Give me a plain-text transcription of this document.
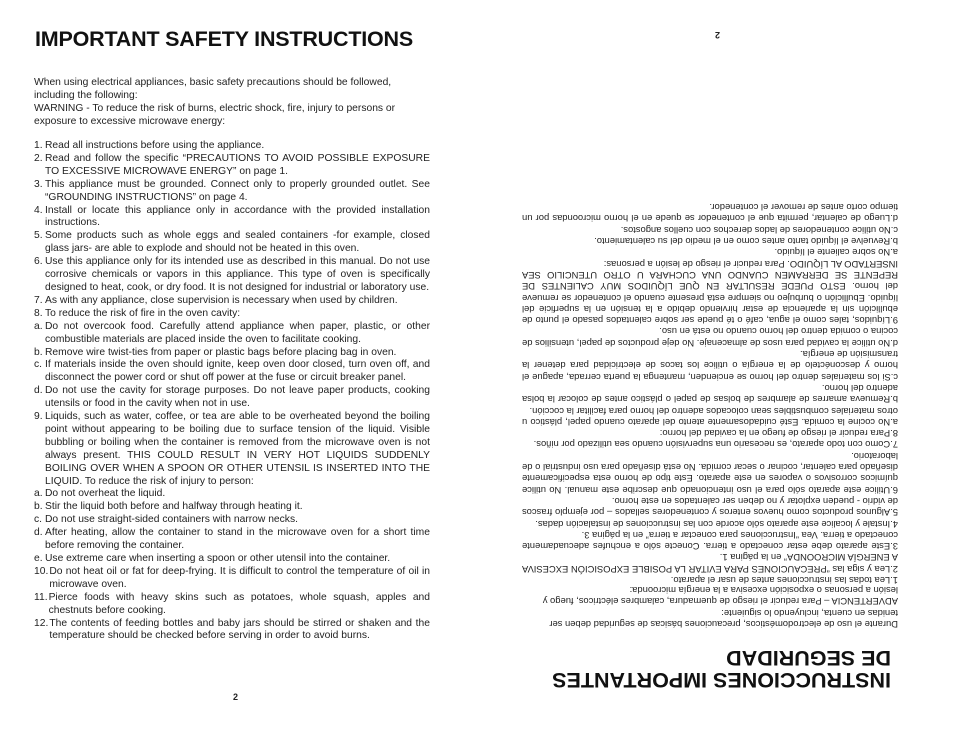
IMPORTANT SAFETY INSTRUCTIONS

When using electrical appliances, basic safety precautions should be followed, including the following:

WARNING - To reduce the risk of burns, electric shock, fire, injury to persons or exposure to excessive microwave energy:

1. Read all instructions before using the appliance.
2. Read and follow the specific “PRECAUTIONS TO AVOID POSSIBLE EXPOSURE TO EXCESSIVE MICROWAVE ENERGY” on page 1.
3. This appliance must be grounded. Connect only to properly grounded outlet. See “GROUNDING INSTRUCTIONS” on page 4.
4. Install or locate this appliance only in accordance with the provided installation instructions.
5. Some products such as whole eggs and sealed containers -for example, closed glass jars- are able to explode and should not be heated in this oven.
6. Use this appliance only for its intended use as described in this manual. Do not use corrosive chemicals or vapors in this appliance. This type of oven is specifically designed to heat, cook, or dry food. It is not designed for industrial or laboratory use.
7. As with any appliance, close supervision is necessary when used by children.
8. To reduce the risk of fire in the oven cavity:
a. Do not overcook food. Carefully attend appliance when paper, plastic, or other combustible materials are placed inside the oven to facilitate cooking.
b. Remove wire twist-ties from paper or plastic bags before placing bag in oven.
c. If materials inside the oven should ignite, keep oven door closed, turn oven off, and disconnect the power cord or shut off power at the fuse or circuit breaker panel.
d. Do not use the cavity for storage purposes. Do not leave paper products, cooking utensils or food in the cavity when not in use.
9. Liquids, such as water, coffee, or tea are able to be overheated beyond the boiling point without appearing to be boiling due to surface tension of the liquid. Visible bubbling or boiling when the container is removed from the microwave oven is not always present. THIS COULD RESULT IN VERY HOT LIQUIDS SUDDENLY BOILING OVER WHEN A SPOON OR OTHER UTENSIL IS INSERTED INTO THE LIQUID. To reduce the risk of injury to person:
a. Do not overheat the liquid.
b. Stir the liquid both before and halfway through heating it.
c. Do not use straight-sided containers with narrow necks.
d. After heating, allow the container to stand in the microwave oven for a short time before removing the container.
e. Use extreme care when inserting a spoon or other utensil into the container.
10. Do not heat oil or fat for deep-frying. It is difficult to control the temperature of oil in microwave oven.
11. Pierce foods with heavy skins such as potatoes, whole squash, apples and chestnuts before cooking.
12. The contents of feeding bottles and baby jars should be stirred or shaken and the temperature should be checked before serving in order to avoid burns.

2

INSTRUCCIONES IMPORTANTES
DE SEGURIDAD

Durante el uso de electrodomésticos, precauciones básicas de seguridad deben ser tenidas en cuenta, incluyendo lo siguiente:

ADVERTENCIA – Para reducir el riesgo de quemadura, calambres eléctricos, fuego y lesión a personas o exposición excesiva a la energía microonda:

1.Lea todas las instrucciones antes de usar el aparato.
2.Lea y siga las “PRECAUCIONES PARA EVITAR LA POSIBLE EXPOSICIÓN EXCESIVA A ENERGÍA MICROONDA” en la página 1.
3.Este aparato debe estar conectado a tierra. Conecte sólo a enchufes adecuadamente conectado a tierra. Vea “Instrucciones para conectar a tierra” en la página 3.
4.Instale y localice este aparato sólo acorde con las instrucciones de instalación dadas.
5.Algunos productos como huevos enteros y contenedores sellados – por ejemplo frascos de vidrio - pueden explotar y no deben ser calentados en este horno.
6.Utilice este aparato sólo para el uso intencionado que describe este manual. No utilice químicos corrosivos o vapores en este aparato. Este tipo de horno esta especificamente diseñado para calentar, cocinar o secar comida. No está diseñado para uso industrial o de laboratorio.
7.Como con todo aparato, es necesario una supervisión cuando sea utilizado por niños.
8.Para reducir el riesgo de fuego en la cavidad del horno:
a.No cocine la comida. Esté cuidadosamente atento del aparato cuando papel, plástico u otros materiales combustibles sean colocados adentro del horno para facilitar la cocción.
b.Remueva amarres de alambres de bolsas de papel o plástico antes de colocar la bolsa adentro del horno.
c.Si los materiales dentro del horno se encienden, mantenga la puerta cerrada, apague el horno y desconéctelo de la energía o utilice los tacos de electricidad para detener la transmisión de energía.
d.No utilice la cavidad para usos de almacenaje. No deje productos de papel, utensilios de cocina o comida dentro del horno cuando no está en uso.
9.Líquidos, tales como el agua, café o té puede ser sobre calentados pasado el punto de ebullición sin la apariencia de estar hirviendo debido a la tensión en la superficie del líquido. Ebullición o burbujeo no siempre está presente cuando el contenedor se remueve del horno. ESTO PUEDE RESULTAR EN QUE LÍQUIDOS MUY CALIENTES DE REPENTE SE DERRAMEN CUANDO UNA CUCHARA U OTRO UTENCILIO SEA INSERTADO AL LÍQUIDO. Para reducir el riesgo de lesión a personas:
a.No sobre caliente el líquido.
b.Revuelve el líquido tanto antes como en el medio del su calentamiento.
c.No utilice contenedores de lados derechos con cuellos angostos.
d.Luego de calentar, permita que el contenedor se quede en el horno microondas por un tiempo corto antes de remover el contenedor.

2
